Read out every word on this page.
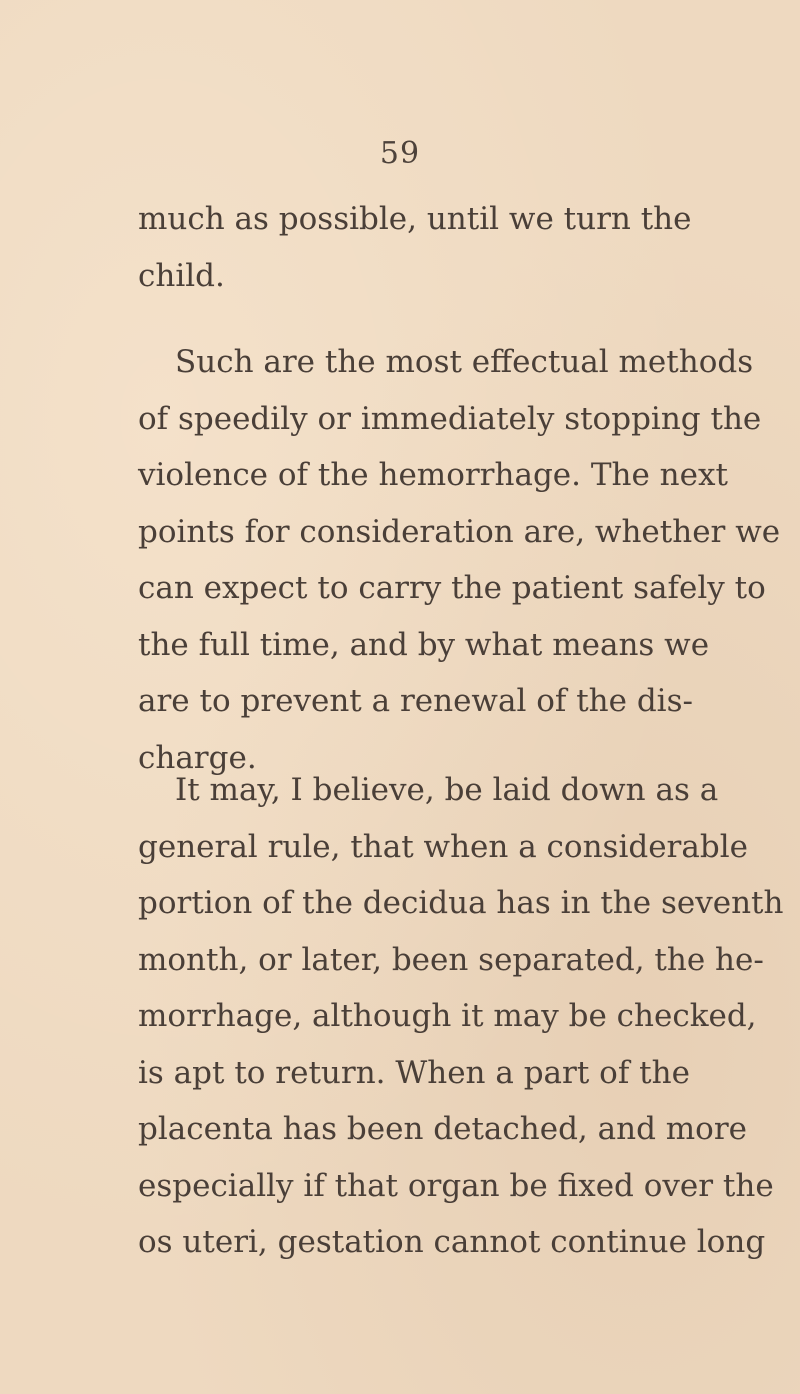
59
much as possible, until we turn the
child.
Such are the most effectual methods
of speedily or immediately stopping the
violence of the hemorrhage. The next
points for consideration are, whether we
can expect to carry the patient safely to
the full time, and by what means we
are to prevent a renewal of the dis-
charge.
It may, I believe, be laid down as a
general rule, that when a considerable
portion of the decidua has in the seventh
month, or later, been separated, the he-
morrhage, although it may be checked,
is apt to return. When a part of the
placenta has been detached, and more
especially if that organ be fixed over the
os uteri, gestation cannot continue long
